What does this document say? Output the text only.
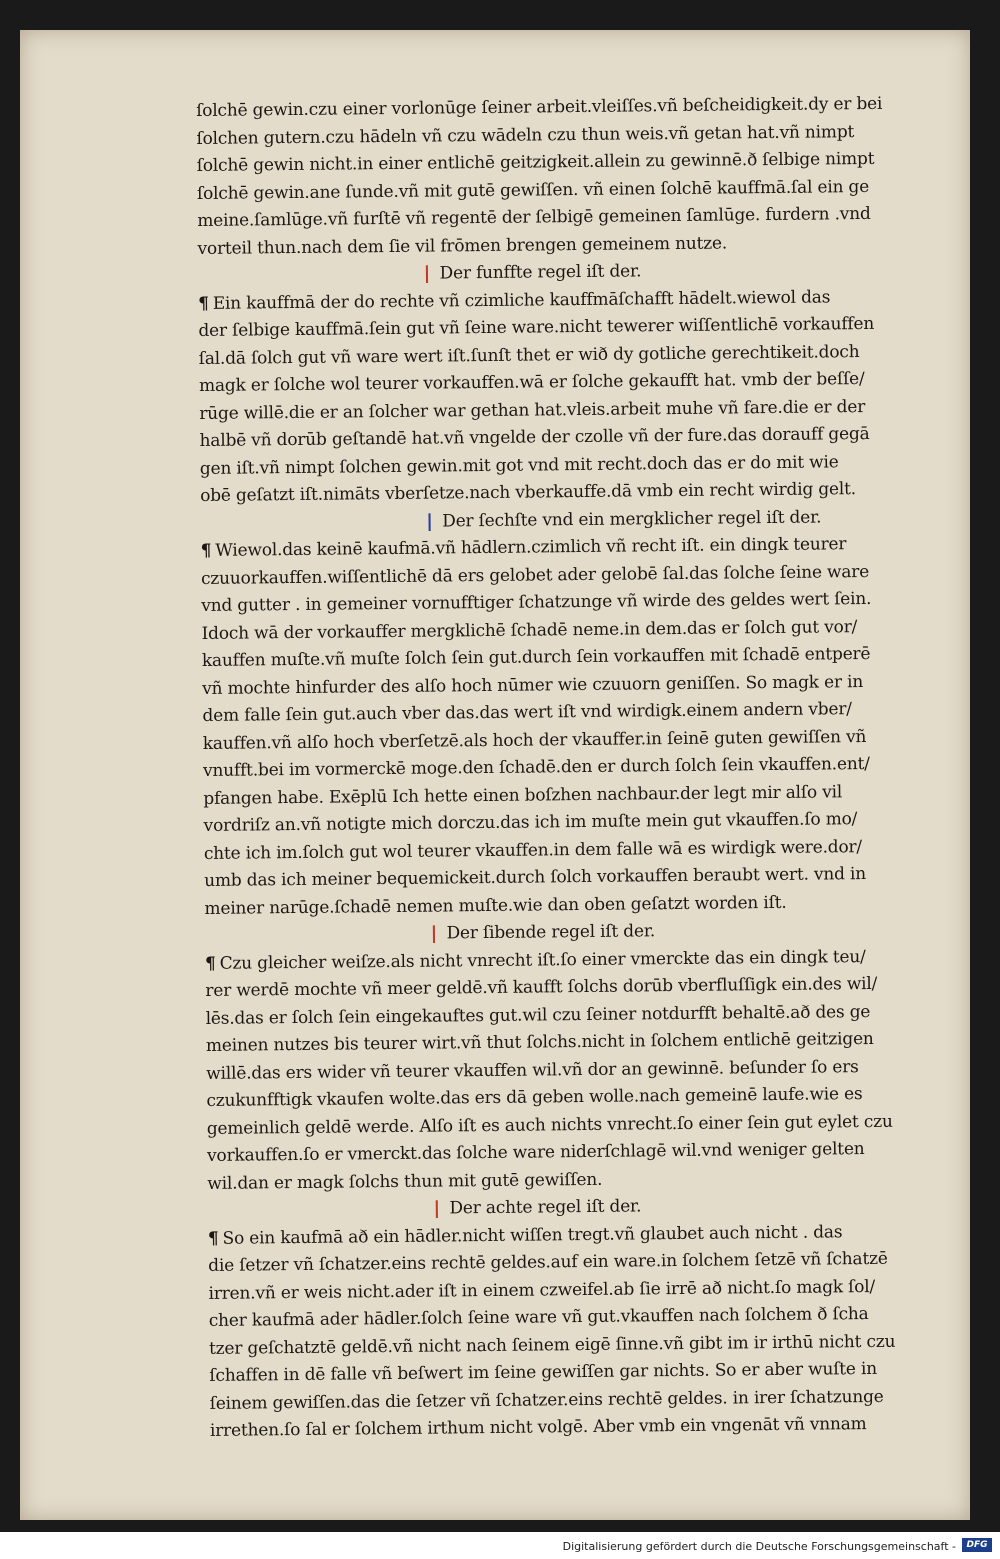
ſolchē gewin.czu einer vorlonūge ſeiner arbeit.vleiſſes.vñ beſcheidigkeit.dy er bei
ſolchen gutern.czu hādeln vñ czu wādeln czu thun weis.vñ getan hat.vñ nimpt
ſolchē gewin nicht.in einer entlichē geitzigkeit.allein zu gewinnē.ð ſelbige nimpt
ſolchē gewin.ane ſunde.vñ mit gutē gewiſſen. vñ einen ſolchē kauffmā.ſal ein ge
meine.ſamlūge.vñ furſtē vñ regentē der ſelbigē gemeinen ſamlūge. furdern .vnd
vorteil thun.nach dem ſie vil frōmen brengen gemeinem nutze.
❘ Der funffte regel iſt der.
¶ Ein kauffmā der do rechte vñ czimliche kauffmāſchafft hādelt.wiewol das
der ſelbige kauffmā.ſein gut vñ ſeine ware.nicht tewerer wiſſentlichē vorkauffen
ſal.dā ſolch gut vñ ware wert iſt.ſunſt thet er wið dy gotliche gerechtikeit.doch
magk er ſolche wol teurer vorkauffen.wā er ſolche gekaufft hat. vmb der beſſe/
rūge willē.die er an ſolcher war gethan hat.vleis.arbeit muhe vñ fare.die er der
halbē vñ dorūb geſtandē hat.vñ vngelde der czolle vñ der fure.das dorauff gegā
gen iſt.vñ nimpt ſolchen gewin.mit got vnd mit recht.doch das er do mit wie
obē geſatzt iſt.nimāts vberſetze.nach vberkauffe.dā vmb ein recht wirdig gelt.
❘ Der ſechſte vnd ein mergklicher regel iſt der.
¶ Wiewol.das keinē kaufmā.vñ hādlern.czimlich vñ recht iſt. ein dingk teurer
czuuorkauffen.wiſſentlichē dā ers gelobet ader gelobē ſal.das ſolche ſeine ware
vnd gutter . in gemeiner vornufftiger ſchatzunge vñ wirde des geldes wert ſein.
Idoch wā der vorkauffer mergklichē ſchadē neme.in dem.das er ſolch gut vor/
kauffen muſte.vñ muſte ſolch ſein gut.durch ſein vorkauffen mit ſchadē entperē
vñ mochte hinfurder des alſo hoch nūmer wie czuuorn geniſſen. So magk er in
dem falle ſein gut.auch vber das.das wert iſt vnd wirdigk.einem andern vber/
kauffen.vñ alſo hoch vberſetzē.als hoch der vkauffer.in ſeinē guten gewiſſen vñ
vnufft.bei im vormerckē moge.den ſchadē.den er durch ſolch ſein vkauffen.ent/
pfangen habe. Exēplū Ich hette einen boſzhen nachbaur.der legt mir alſo vil
vordriſz an.vñ notigte mich dorczu.das ich im muſte mein gut vkauffen.ſo mo/
chte ich im.ſolch gut wol teurer vkauffen.in dem falle wā es wirdigk were.dor/
umb das ich meiner bequemickeit.durch ſolch vorkauffen beraubt wert. vnd in
meiner narūge.ſchadē nemen muſte.wie dan oben geſatzt worden iſt.
❘ Der ſibende regel iſt der.
¶ Czu gleicher weiſze.als nicht vnrecht iſt.ſo einer vmerckte das ein dingk teu/
rer werdē mochte vñ meer geldē.vñ kaufft ſolchs dorūb vberfluſſigk ein.des wil/
lēs.das er ſolch ſein eingekauftes gut.wil czu ſeiner notdurfft behaltē.að des ge
meinen nutzes bis teurer wirt.vñ thut ſolchs.nicht in ſolchem entlichē geitzigen
willē.das ers wider vñ teurer vkauffen wil.vñ dor an gewinnē. beſunder ſo ers
czukunfftigk vkaufen wolte.das ers dā geben wolle.nach gemeinē laufe.wie es
gemeinlich geldē werde. Alſo iſt es auch nichts vnrecht.ſo einer ſein gut eylet czu
vorkauffen.ſo er vmerckt.das ſolche ware niderſchlagē wil.vnd weniger gelten
wil.dan er magk ſolchs thun mit gutē gewiſſen.
❘ Der achte regel iſt der.
¶ So ein kaufmā að ein hādler.nicht wiſſen tregt.vñ glaubet auch nicht . das
die ſetzer vñ ſchatzer.eins rechtē geldes.auf ein ware.in ſolchem ſetzē vñ ſchatzē
irren.vñ er weis nicht.ader iſt in einem czweifel.ab ſie irrē að nicht.ſo magk ſol/
cher kaufmā ader hādler.ſolch ſeine ware vñ gut.vkauffen nach ſolchem ð ſcha
tzer geſchatztē geldē.vñ nicht nach ſeinem eigē ſinne.vñ gibt im ir irthū nicht czu
ſchaffen in dē falle vñ beſwert im ſeine gewiſſen gar nichts. So er aber wuſte in
ſeinem gewiſſen.das die ſetzer vñ ſchatzer.eins rechtē geldes. in irer ſchatzunge
irrethen.ſo ſal er ſolchem irthum nicht volgē. Aber vmb ein vngenāt vñ vnnam
Digitalisierung gefördert durch die Deutsche Forschungsgemeinschaft -	DFG
